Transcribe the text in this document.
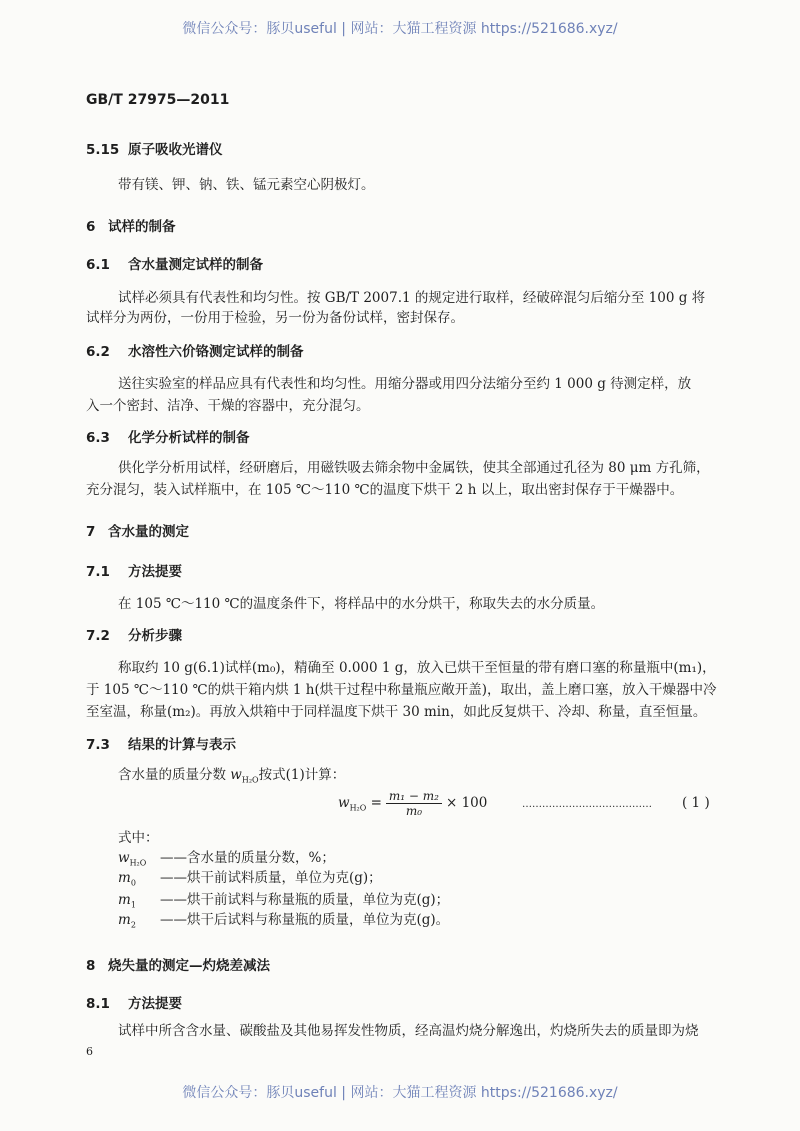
微信公众号：豚贝useful | 网站：大猫工程资源 https://521686.xyz/
GB/T 27975—2011
5.15 原子吸收光谱仪
带有镁、钾、钠、铁、锰元素空心阴极灯。
6 试样的制备
6.1 含水量测定试样的制备
试样必须具有代表性和均匀性。按 GB/T 2007.1 的规定进行取样，经破碎混匀后缩分至 100 g 将
试样分为两份，一份用于检验，另一份为备份试样，密封保存。
6.2 水溶性六价铬测定试样的制备
送往实验室的样品应具有代表性和均匀性。用缩分器或用四分法缩分至约 1 000 g 待测定样，放
入一个密封、洁净、干燥的容器中，充分混匀。
6.3 化学分析试样的制备
供化学分析用试样，经研磨后，用磁铁吸去筛余物中金属铁，使其全部通过孔径为 80 μm 方孔筛，
充分混匀，装入试样瓶中，在 105 ℃～110 ℃的温度下烘干 2 h 以上，取出密封保存于干燥器中。
7 含水量的测定
7.1 方法提要
在 105 ℃～110 ℃的温度条件下，将样品中的水分烘干，称取失去的水分质量。
7.2 分析步骤
称取约 10 g(6.1)试样(m₀)，精确至 0.000 1 g，放入已烘干至恒量的带有磨口塞的称量瓶中(m₁)，
于 105 ℃～110 ℃的烘干箱内烘 1 h(烘干过程中称量瓶应敞开盖)，取出，盖上磨口塞，放入干燥器中冷
至室温，称量(m₂)。再放入烘箱中于同样温度下烘干 30 min，如此反复烘干、冷却、称量，直至恒量。
7.3 结果的计算与表示
含水量的质量分数 $w_{H_2O}$按式(1)计算：
$w_{H_2O} = \frac{\text{m₁ − m₂}}{\text{m₀}} \times 100$	………………………………… ( 1 )
式中：
$w_{H_2O}$ ——含水量的质量分数，%；
$m_0$ ——烘干前试料质量，单位为克(g)；
$m_1$ ——烘干前试料与称量瓶的质量，单位为克(g)；
$m_2$ ——烘干后试料与称量瓶的质量，单位为克(g)。
8 烧失量的测定—灼烧差减法
8.1 方法提要
试样中所含含水量、碳酸盐及其他易挥发性物质，经高温灼烧分解逸出，灼烧所失去的质量即为烧
6
微信公众号：豚贝useful | 网站：大猫工程资源 https://521686.xyz/
